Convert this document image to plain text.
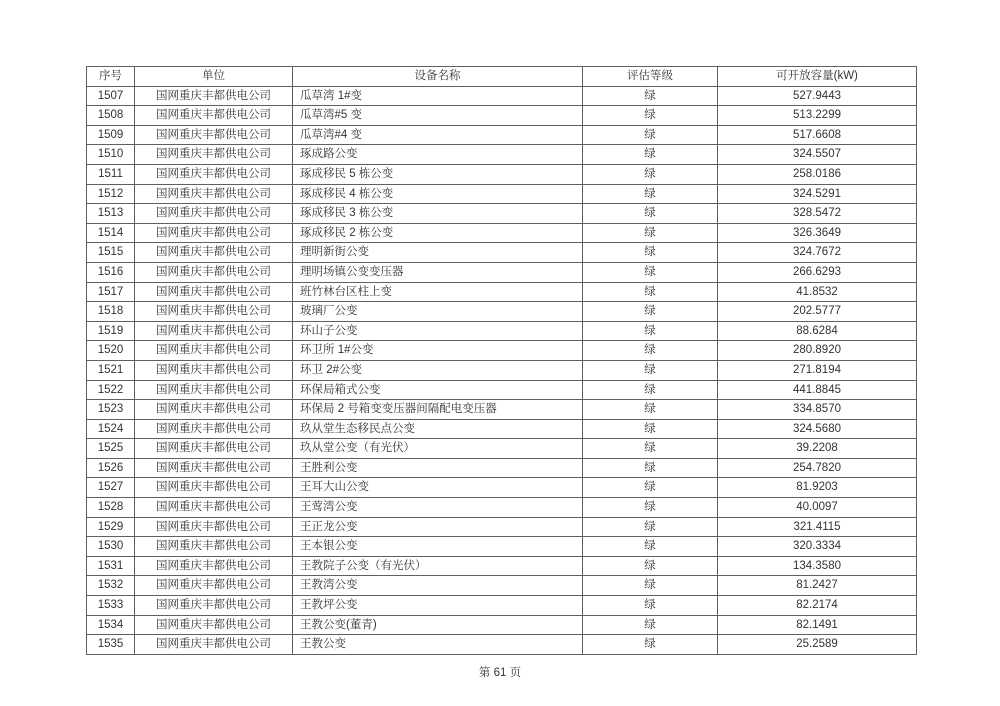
序号	单位	设备名称	评估等级	可开放容量(kW)
1507	国网重庆丰都供电公司	瓜草湾 1#变	绿	527.9443
1508	国网重庆丰都供电公司	瓜草湾#5 变	绿	513.2299
1509	国网重庆丰都供电公司	瓜草湾#4 变	绿	517.6608
1510	国网重庆丰都供电公司	琢成路公变	绿	324.5507
1511	国网重庆丰都供电公司	琢成移民 5 栋公变	绿	258.0186
1512	国网重庆丰都供电公司	琢成移民 4 栋公变	绿	324.5291
1513	国网重庆丰都供电公司	琢成移民 3 栋公变	绿	328.5472
1514	国网重庆丰都供电公司	琢成移民 2 栋公变	绿	326.3649
1515	国网重庆丰都供电公司	理明新街公变	绿	324.7672
1516	国网重庆丰都供电公司	理明场镇公变变压器	绿	266.6293
1517	国网重庆丰都供电公司	班竹林台区柱上变	绿	41.8532
1518	国网重庆丰都供电公司	玻璃厂公变	绿	202.5777
1519	国网重庆丰都供电公司	环山子公变	绿	88.6284
1520	国网重庆丰都供电公司	环卫所 1#公变	绿	280.8920
1521	国网重庆丰都供电公司	环卫 2#公变	绿	271.8194
1522	国网重庆丰都供电公司	环保局箱式公变	绿	441.8845
1523	国网重庆丰都供电公司	环保局 2 号箱变变压器间隔配电变压器	绿	334.8570
1524	国网重庆丰都供电公司	玖从堂生态移民点公变	绿	324.5680
1525	国网重庆丰都供电公司	玖从堂公变（有光伏）	绿	39.2208
1526	国网重庆丰都供电公司	王胜利公变	绿	254.7820
1527	国网重庆丰都供电公司	王耳大山公变	绿	81.9203
1528	国网重庆丰都供电公司	王莺湾公变	绿	40.0097
1529	国网重庆丰都供电公司	王正龙公变	绿	321.4115
1530	国网重庆丰都供电公司	王本银公变	绿	320.3334
1531	国网重庆丰都供电公司	王教院子公变（有光伏）	绿	134.3580
1532	国网重庆丰都供电公司	王教湾公变	绿	81.2427
1533	国网重庆丰都供电公司	王教坪公变	绿	82.2174
1534	国网重庆丰都供电公司	王教公变(董青)	绿	82.1491
1535	国网重庆丰都供电公司	王教公变	绿	25.2589
第 61 页
